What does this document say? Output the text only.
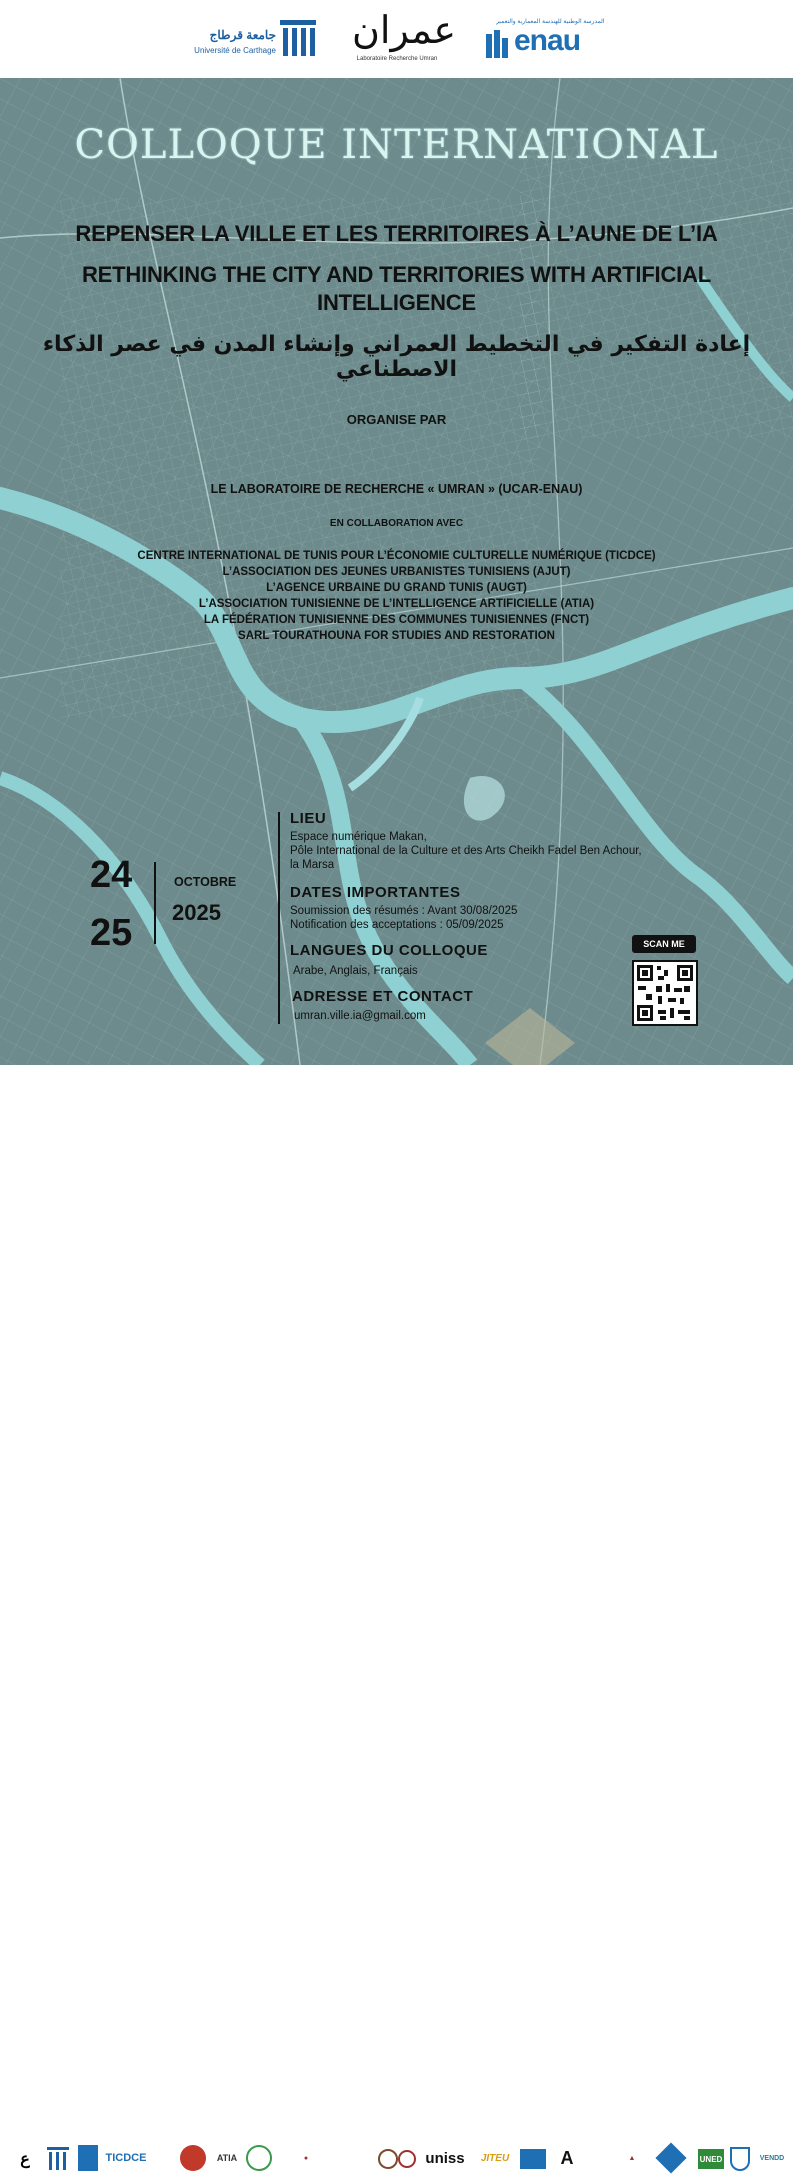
جامعة قرطاج
Université de Carthage عمران
Laboratoire Recherche Umran
المدرسة الوطنية للهندسة المعمارية والتعمير
enau
COLLOQUE INTERNATIONAL
REPENSER LA VILLE ET LES TERRITOIRES À L’AUNE DE L’IA
RETHINKING THE CITY AND TERRITORIES WITH ARTIFICIAL
INTELLIGENCE
إعادة التفكير في التخطيط العمراني وإنشاء المدن في عصر الذكاء الاصطناعي
ORGANISE PAR
LE LABORATOIRE DE RECHERCHE « UMRAN » (UCAR-ENAU)
EN COLLABORATION AVEC
CENTRE INTERNATIONAL DE TUNIS POUR L’ÉCONOMIE CULTURELLE NUMÉRIQUE (TICDCE)
L’ASSOCIATION DES JEUNES URBANISTES TUNISIENS (AJUT)
L’AGENCE URBAINE DU GRAND TUNIS (AUGT)
L’ASSOCIATION TUNISIENNE DE L’INTELLIGENCE ARTIFICIELLE (ATIA)
LA FÉDÉRATION TUNISIENNE DES COMMUNES TUNISIENNES (FNCT)
SARL TOURATHOUNA FOR STUDIES AND RESTORATION
24
25
OCTOBRE
2025
LIEU
Espace numérique Makan,
Pôle International de la Culture et des Arts Cheikh Fadel Ben Achour,
la Marsa
DATES IMPORTANTES
Soumission des résumés : Avant 30/08/2025
Notification des acceptations : 05/09/2025
LANGUES DU COLLOQUE
Arabe, Anglais, Français
ADRESSE ET CONTACT
umran.ville.ia@gmail.com
SCAN ME
ع	TICDCE	ATIA	●	uniss	JITEU	A	▲	UNED	VENDD
